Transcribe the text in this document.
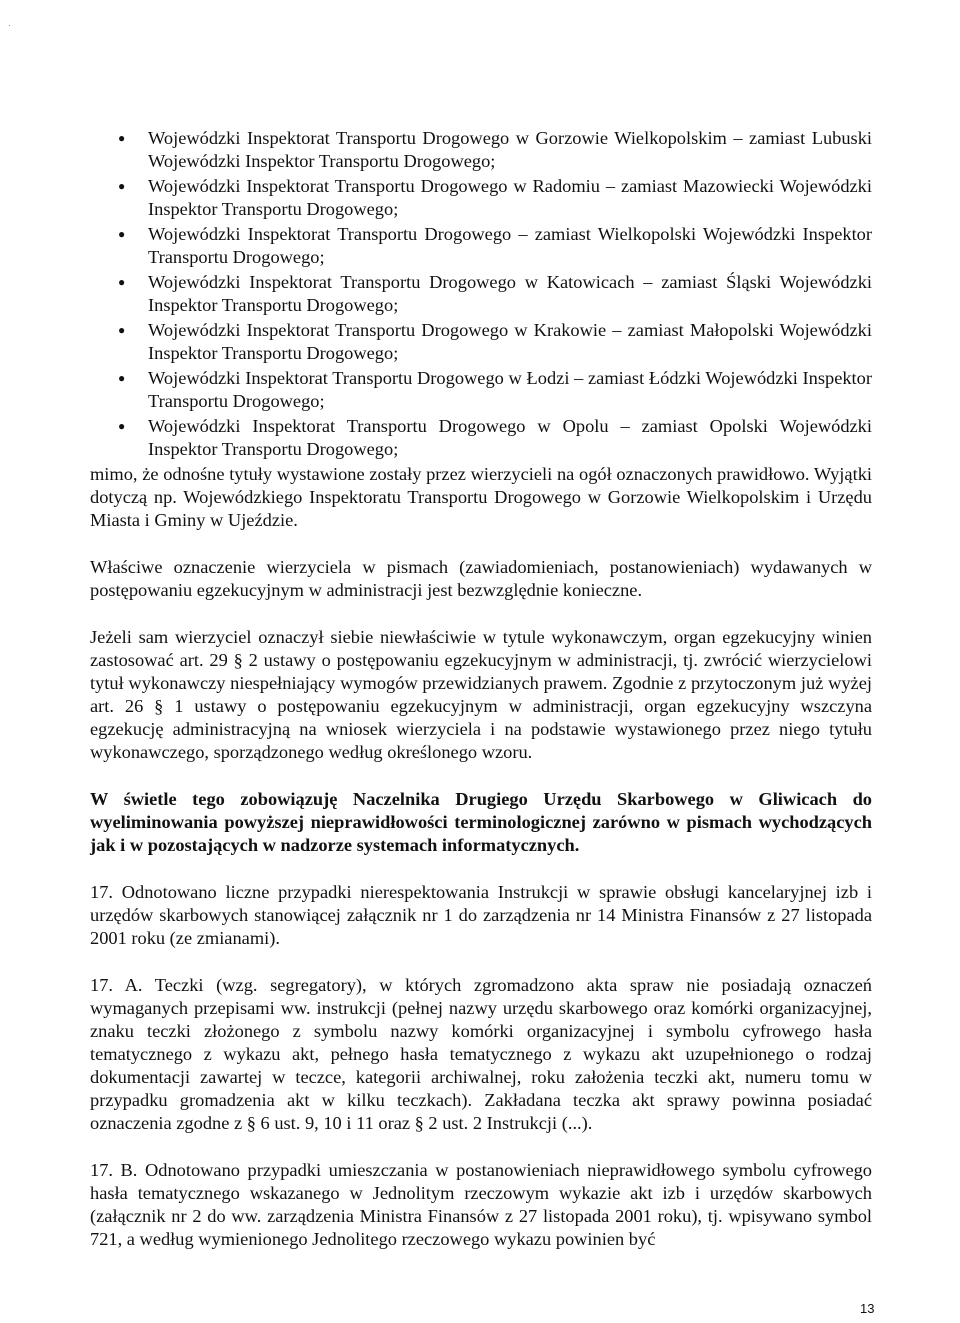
● Wojewódzki Inspektorat Transportu Drogowego w Gorzowie Wielkopolskim – zamiast Lubuski Wojewódzki Inspektor Transportu Drogowego;
● Wojewódzki Inspektorat Transportu Drogowego w Radomiu – zamiast Mazowiecki Wojewódzki Inspektor Transportu Drogowego;
● Wojewódzki Inspektorat Transportu Drogowego – zamiast Wielkopolski Wojewódzki Inspektor Transportu Drogowego;
● Wojewódzki Inspektorat Transportu Drogowego w Katowicach – zamiast Śląski Wojewódzki Inspektor Transportu Drogowego;
● Wojewódzki Inspektorat Transportu Drogowego w Krakowie – zamiast Małopolski Wojewódzki Inspektor Transportu Drogowego;
● Wojewódzki Inspektorat Transportu Drogowego w Łodzi – zamiast Łódzki Wojewódzki Inspektor Transportu Drogowego;
● Wojewódzki Inspektorat Transportu Drogowego w Opolu – zamiast Opolski Wojewódzki Inspektor Transportu Drogowego;

mimo, że odnośne tytuły wystawione zostały przez wierzycieli na ogół oznaczonych prawidłowo. Wyjątki dotyczą np. Wojewódzkiego Inspektoratu Transportu Drogowego w Gorzowie Wielkopolskim i Urzędu Miasta i Gminy w Ujeździe.

Właściwe oznaczenie wierzyciela w pismach (zawiadomieniach, postanowieniach) wydawanych w postępowaniu egzekucyjnym w administracji jest bezwzględnie konieczne.

Jeżeli sam wierzyciel oznaczył siebie niewłaściwie w tytule wykonawczym, organ egzekucyjny winien zastosować art. 29 § 2 ustawy o postępowaniu egzekucyjnym w administracji, tj. zwrócić wierzycielowi tytuł wykonawczy niespełniający wymogów przewidzianych prawem. Zgodnie z przytoczonym już wyżej art. 26 § 1 ustawy o postępowaniu egzekucyjnym w administracji, organ egzekucyjny wszczyna egzekucję administracyjną na wniosek wierzyciela i na podstawie wystawionego przez niego tytułu wykonawczego, sporządzonego według określonego wzoru.

W świetle tego zobowiązuję Naczelnika Drugiego Urzędu Skarbowego w Gliwicach do wyeliminowania powyższej nieprawidłowości terminologicznej zarówno w pismach wychodzących jak i w pozostających w nadzorze systemach informatycznych.

17. Odnotowano liczne przypadki nierespektowania Instrukcji w sprawie obsługi kancelaryjnej izb i urzędów skarbowych stanowiącej załącznik nr 1 do zarządzenia nr 14 Ministra Finansów z 27 listopada 2001 roku (ze zmianami).

17. A. Teczki (wzg. segregatory), w których zgromadzono akta spraw nie posiadają oznaczeń wymaganych przepisami ww. instrukcji (pełnej nazwy urzędu skarbowego oraz komórki organizacyjnej, znaku teczki złożonego z symbolu nazwy komórki organizacyjnej i symbolu cyfrowego hasła tematycznego z wykazu akt, pełnego hasła tematycznego z wykazu akt uzupełnionego o rodzaj dokumentacji zawartej w teczce, kategorii archiwalnej, roku założenia teczki akt, numeru tomu w przypadku gromadzenia akt w kilku teczkach). Zakładana teczka akt sprawy powinna posiadać oznaczenia zgodne z § 6 ust. 9, 10 i 11 oraz § 2 ust. 2 Instrukcji (...).

17. B. Odnotowano przypadki umieszczania w postanowieniach nieprawidłowego symbolu cyfrowego hasła tematycznego wskazanego w Jednolitym rzeczowym wykazie akt izb i urzędów skarbowych (załącznik nr 2 do ww. zarządzenia Ministra Finansów z 27 listopada 2001 roku), tj. wpisywano symbol 721, a według wymienionego Jednolitego rzeczowego wykazu powinien być

13
·
